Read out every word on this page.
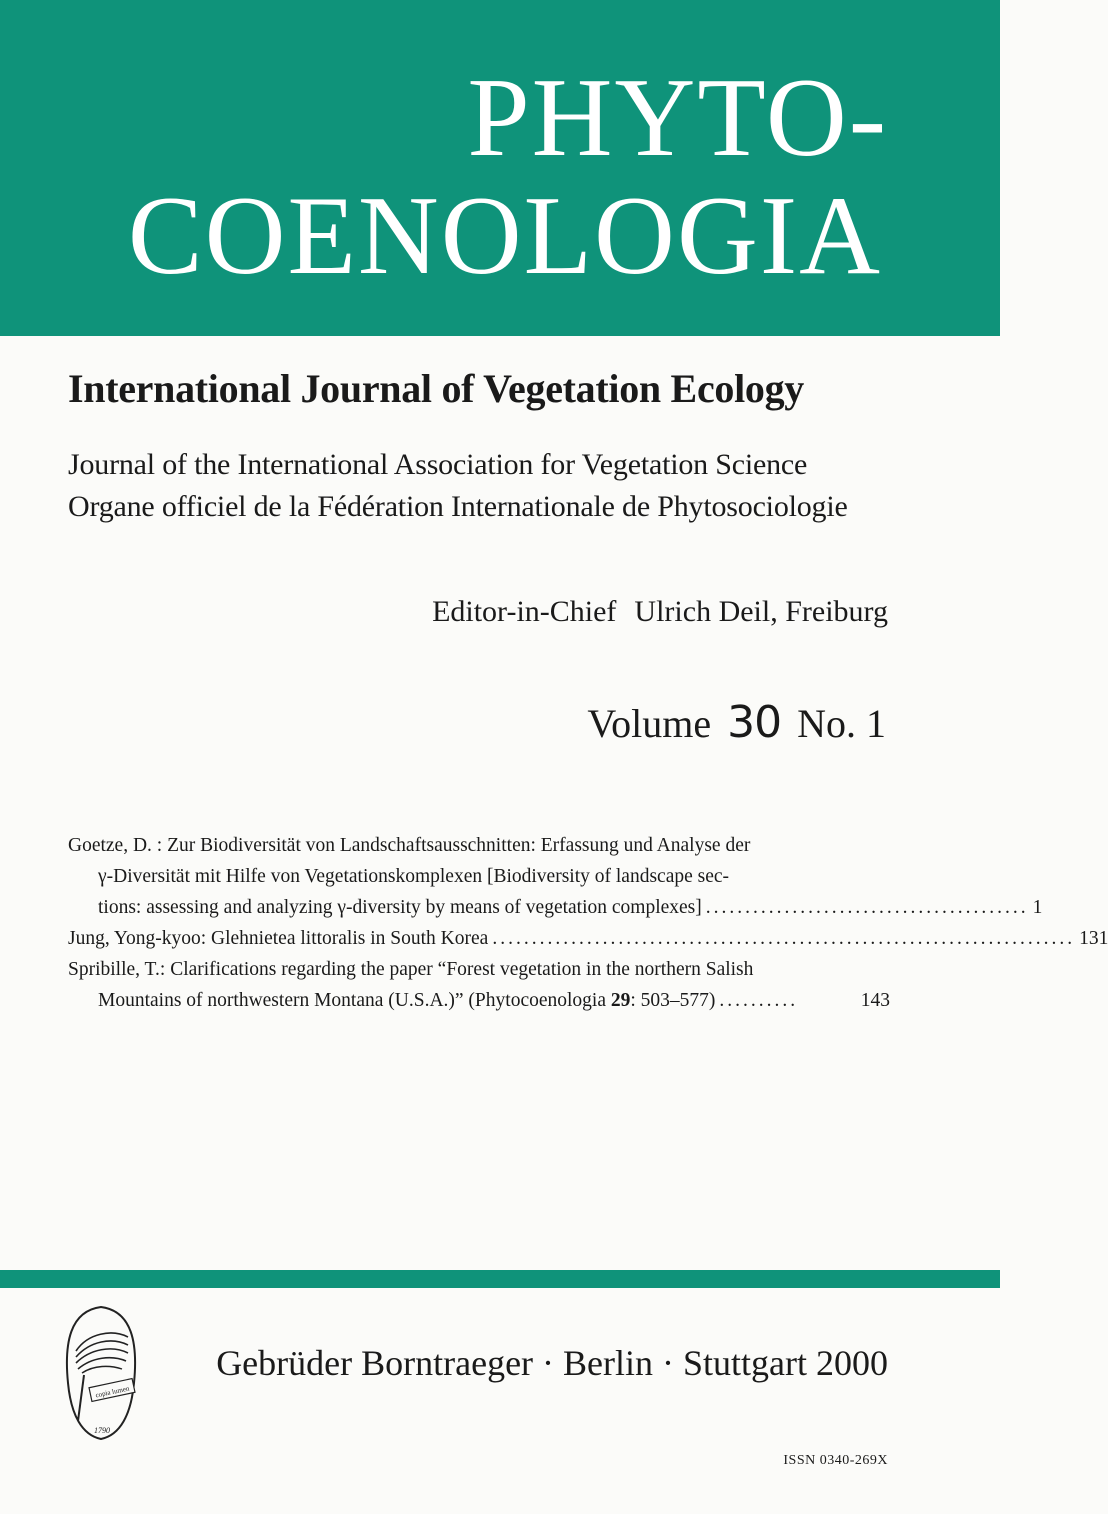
PHYTO-
COENOLOGIA
International Journal of Vegetation Ecology
Journal of the International Association for Vegetation Science
Organe officiel de la Fédération Internationale de Phytosociologie
Editor-in-Chief Ulrich Deil, Freiburg
Volume 30 No. 1
Goetze, D. : Zur Biodiversität von Landschaftsausschnitten: Erfassung und Analyse der
γ-Diversität mit Hilfe von Vegetationskomplexen [Biodiversity of landscape sec-
tions: assessing and analyzing γ-diversity by means of vegetation complexes] ......................................... 1
Jung, Yong-kyoo: Glehnietea littoralis in South Korea .......................................................................... 131
Spribille, T.: Clarifications regarding the paper “Forest vegetation in the northern Salish
Mountains of northwestern Montana (U.S.A.)” (Phytocoenologia 29: 503–577) ..........	143
copia lumen
1790
Gebrüder Borntraeger · Berlin · Stuttgart 2000
ISSN 0340-269X
